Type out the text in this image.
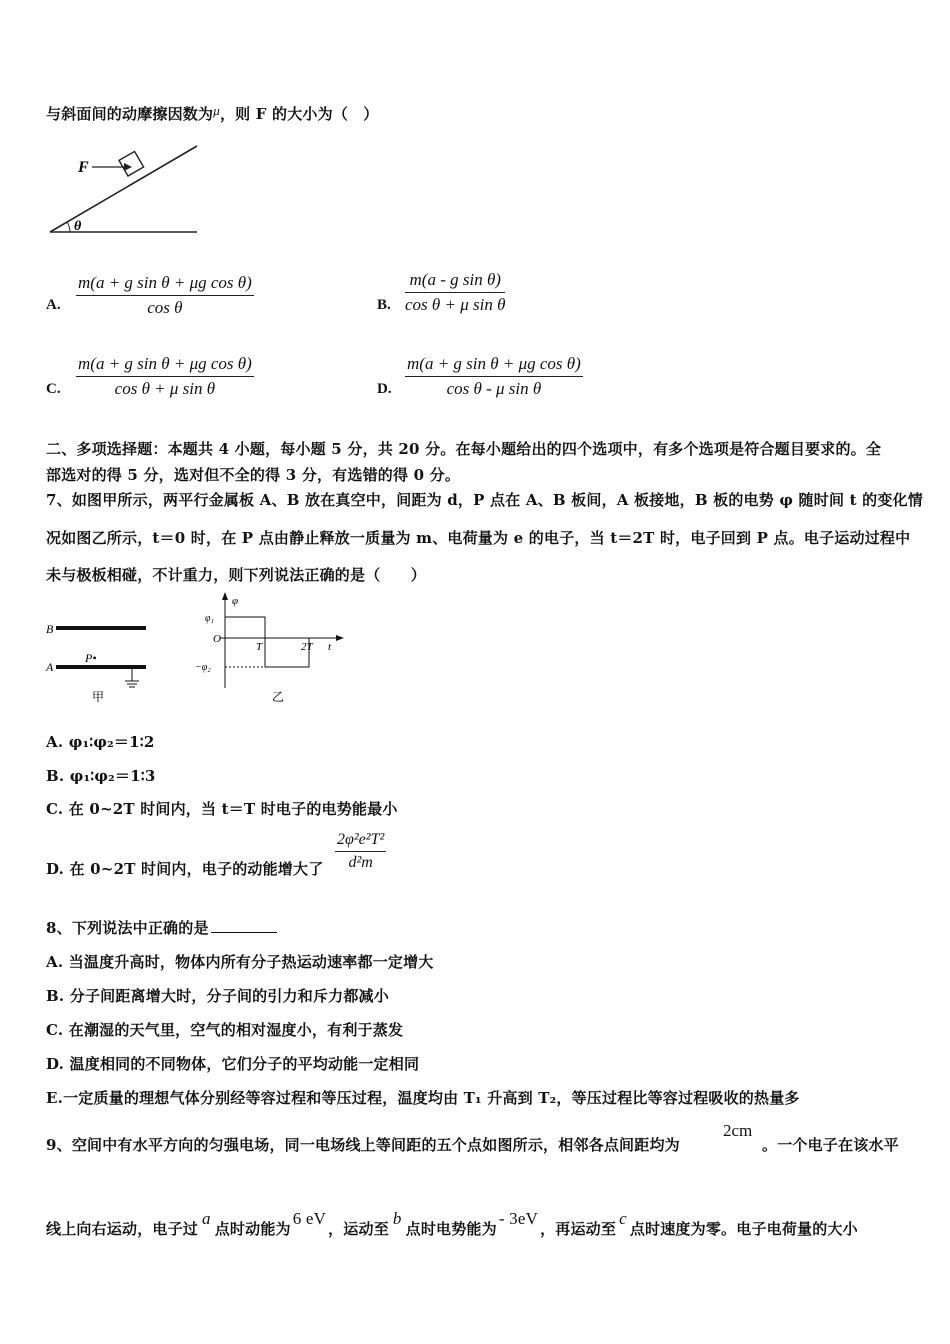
与斜面间的动摩擦因数为μ，则 F 的大小为（　）
F
θ
A. $\frac{\text{m(a + g sin θ + μg cos θ)}}{\text{cos θ}}$	B. $\frac{\text{m(a - g sin θ)}}{\text{cos θ + μ sin θ}}$
C. $\frac{\text{m(a + g sin θ + μg cos θ)}}{\text{cos θ + μ sin θ}}$	D. $\frac{\text{m(a + g sin θ + μg cos θ)}}{\text{cos θ - μ sin θ}}$
二、多项选择题：本题共 4 小题，每小题 5 分，共 20 分。在每小题给出的四个选项中，有多个选项是符合题目要求的。全
部选对的得 5 分，选对但不全的得 3 分，有选错的得 0 分。
7、如图甲所示，两平行金属板 A、B 放在真空中，间距为 d，P 点在 A、B 板间，A 板接地，B 板的电势 φ 随时间 t 的变化情
况如图乙所示，t＝0 时，在 P 点由静止释放一质量为 m、电荷量为 e 的电子，当 t＝2T 时，电子回到 P 点。电子运动过程中
未与极板相碰，不计重力，则下列说法正确的是（　　）
B
P•
A
甲
φ
φ₁
O
−φ₂
T	2T t
乙
A. φ₁∶φ₂＝1∶2
B. φ₁∶φ₂＝1∶3
C. 在 0~2T 时间内，当 t＝T 时电子的电势能最小
D. 在 0~2T 时间内，电子的动能增大了 $\frac{\text{2φ²e²T²}}{\text{d²m}}$
8、下列说法中正确的是
A. 当温度升高时，物体内所有分子热运动速率都一定增大
B. 分子间距离增大时，分子间的引力和斥力都减小
C. 在潮湿的天气里，空气的相对湿度小，有利于蒸发
D. 温度相同的不同物体，它们分子的平均动能一定相同
E.一定质量的理想气体分别经等容过程和等压过程，温度均由 T₁ 升高到 T₂，等压过程比等容过程吸收的热量多
9、空间中有水平方向的匀强电场，同一电场线上等间距的五个点如图所示，相邻各点间距均为
2cm
。一个电子在该水平
线上向右运动，电子过a点时动能为6 eV，运动至b点时电势能为- 3eV，再运动至c点时速度为零。电子电荷量的大小
